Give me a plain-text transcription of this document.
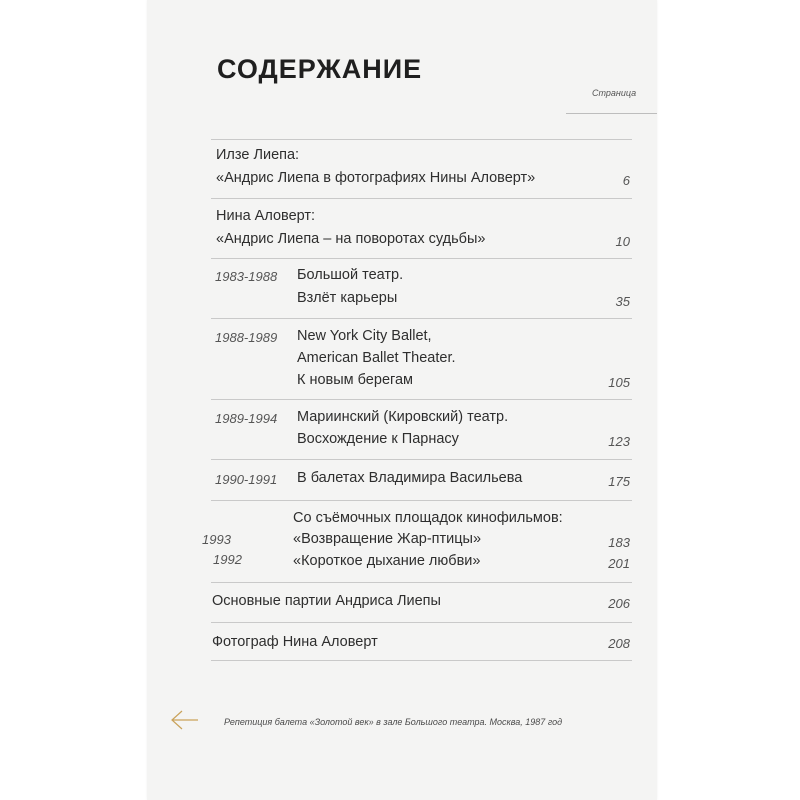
СОДЕРЖАНИЕ
Страница
Илзе Лиепа:
«Андрис Лиепа в фотографиях Нины Аловерт»	6
Нина Аловерт:
«Андрис Лиепа – на поворотах судьбы»	10
1983-1988 Большой театр.
Взлёт карьеры	35
1988-1989 New York City Ballet,
American Ballet Theater.
К новым берегам	105
1989-1994 Мариинский (Кировский) театр.
Восхождение к Парнасу	123
1990-1991 В балетах Владимира Васильева	175
Со съёмочных площадок кинофильмов:
1993	«Возвращение Жар-птицы»	183
1992	«Короткое дыхание любви»	201
Основные партии Андриса Лиепы	206
Фотограф Нина Аловерт	208
Репетиция балета «Золотой век» в зале Большого театра. Москва, 1987 год
